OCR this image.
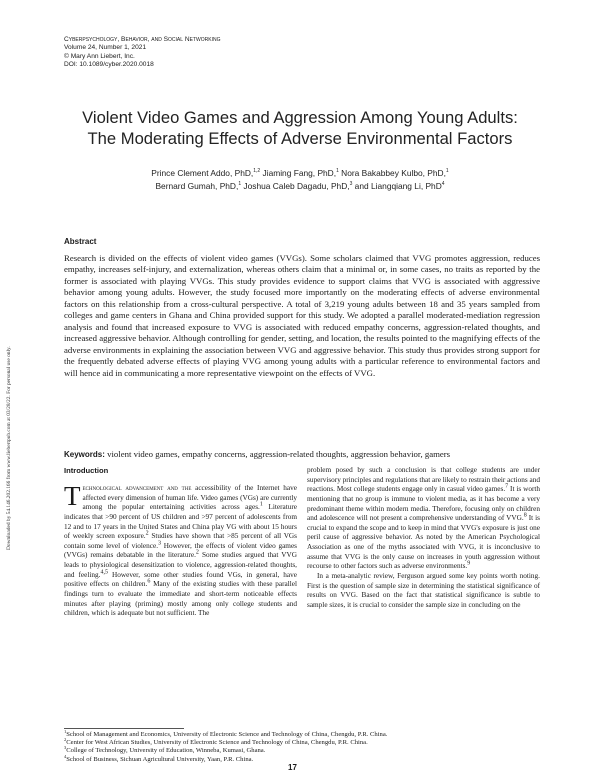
Cyberpsychology, Behavior, and Social Networking
Volume 24, Number 1, 2021
© Mary Ann Liebert, Inc.
DOI: 10.1089/cyber.2020.0018
Downloaded by 54.146.202.166 from www.liebertpub.com at 03/28/22. For personal use only.
Violent Video Games and Aggression Among Young Adults:
The Moderating Effects of Adverse Environmental Factors
Prince Clement Addo, PhD,$^{1,2}$ Jiaming Fang, PhD,$^1$ Nora Bakabbey Kulbo, PhD,$^1$
Bernard Gumah, PhD,$^1$ Joshua Caleb Dagadu, PhD,$^3$ and Liangqiang Li, PhD$^4$
Abstract
Research is divided on the effects of violent video games (VVGs). Some scholars claimed that VVG promotes aggression, reduces empathy, increases self-injury, and externalization, whereas others claim that a minimal or, in some cases, no traits as reported by the former is associated with playing VVGs. This study provides evidence to support claims that VVG is associated with aggressive behavior among young adults. However, the study focused more importantly on the moderating effects of adverse environmental factors on this relationship from a cross-cultural perspective. A total of 3,219 young adults between 18 and 35 years sampled from colleges and game centers in Ghana and China provided support for this study. We adopted a parallel moderated-mediation regression analysis and found that increased exposure to VVG is associated with reduced empathy concerns, aggression-related thoughts, and increased aggressive behavior. Although controlling for gender, setting, and location, the results pointed to the magnifying effects of the adverse environments in explaining the association between VVG and aggressive behavior. This study thus provides strong support for the frequently debated adverse effects of playing VVG among young adults with a particular reference to environmental factors and will hence aid in communicating a more representative viewpoint on the effects of VVG.
Keywords: violent video games, empathy concerns, aggression-related thoughts, aggression behavior, gamers
Introduction
Technological advancement and the accessibility of the Internet have affected every dimension of human life. Video games (VGs) are currently among the popular entertaining activities across ages.$^1$ Literature indicates that >90 percent of US children and >97 percent of adolescents from 12 and to 17 years in the United States and China play VG with about 15 hours of weekly screen exposure.$^2$ Studies have shown that >85 percent of all VGs contain some level of violence.$^3$ However, the effects of violent video games (VVGs) remains debatable in the literature.$^2$ Some studies argued that VVG leads to physiological desensitization to violence, aggression-related thoughts, and feeling.$^{4,5}$ However, some other studies found VGs, in general, have positive effects on children.$^6$ Many of the existing studies with these parallel findings turn to evaluate the immediate and short-term noticeable effects minutes after playing (priming) mostly among only college students and children, which is adequate but not sufficient. The
problem posed by such a conclusion is that college students are under supervisory principles and regulations that are likely to restrain their actions and reactions. Most college students engage only in casual video games.$^7$ It is worth mentioning that no group is immune to violent media, as it has become a very predominant theme within modern media. Therefore, focusing only on children and adolescence will not present a comprehensive understanding of VVG.$^8$ It is crucial to expand the scope and to keep in mind that VVG's exposure is just one peril cause of aggressive behavior. As noted by the American Psychological Association as one of the myths associated with VVG, it is inconclusive to assume that VVG is the only cause on increases in youth aggression without recourse to other factors such as adverse environments.$^9$
In a meta-analytic review, Ferguson argued some key points worth noting. First is the question of sample size in determining the statistical significance of results on VVG. Based on the fact that statistical significance is subtle to sample sizes, it is crucial to consider the sample size in concluding on the
$^1$School of Management and Economics, University of Electronic Science and Technology of China, Chengdu, P.R. China.
$^2$Center for West African Studies, University of Electronic Science and Technology of China, Chengdu, P.R. China.
$^3$College of Technology, University of Education, Winneba, Kumasi, Ghana.
$^4$School of Business, Sichuan Agricultural University, Yaan, P.R. China.
17
